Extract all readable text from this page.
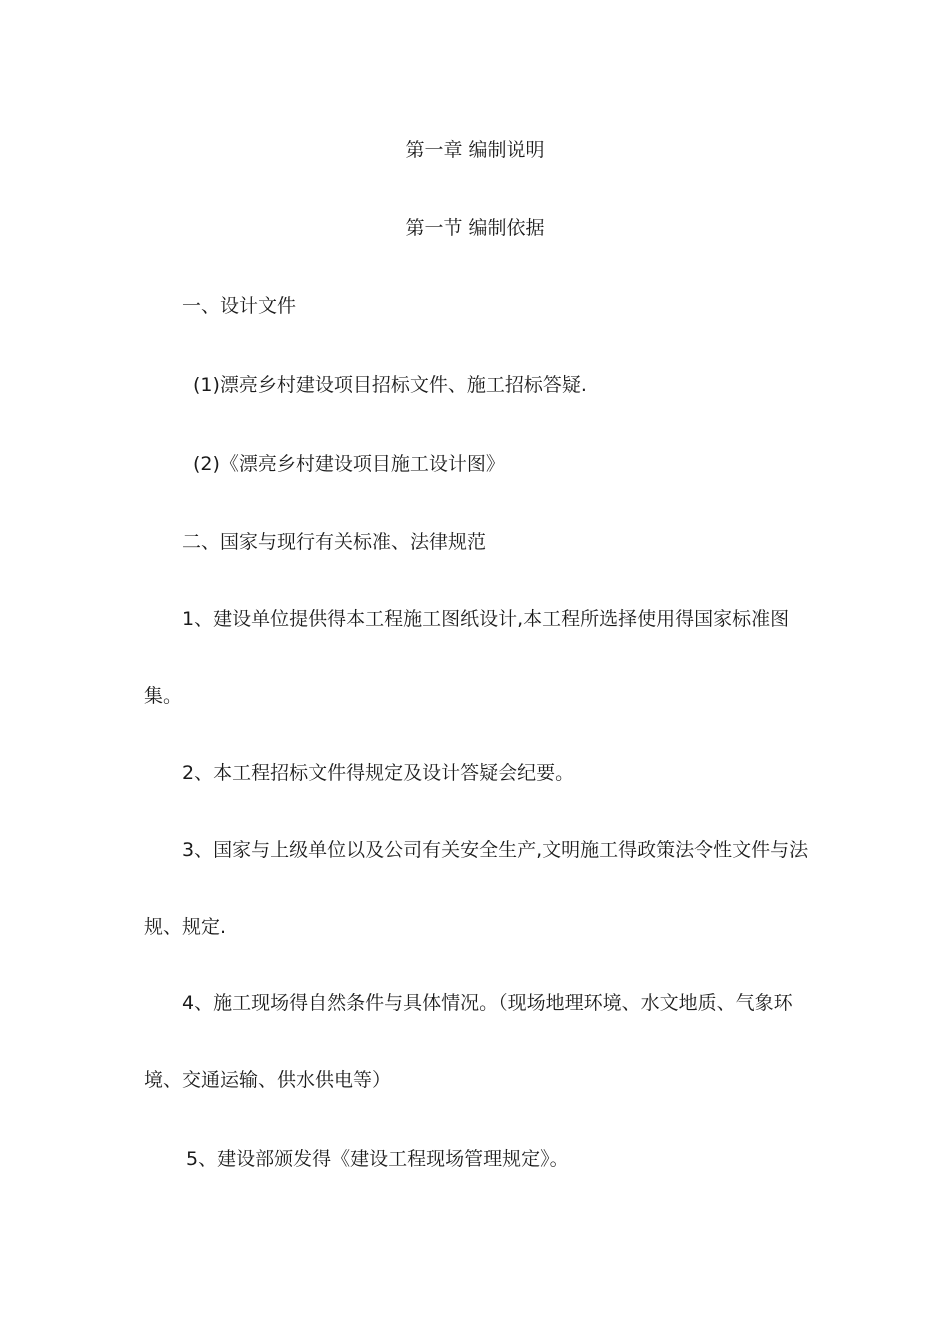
第一章 编制说明
第一节 编制依据
一、设计文件
(1)漂亮乡村建设项目招标文件、施工招标答疑.
(2)《漂亮乡村建设项目施工设计图》
二、国家与现行有关标准、法律规范
1、建设单位提供得本工程施工图纸设计,本工程所选择使用得国家标准图集。
2、本工程招标文件得规定及设计答疑会纪要。
3、国家与上级单位以及公司有关安全生产,文明施工得政策法令性文件与法规、规定.
4、施工现场得自然条件与具体情况。（现场地理环境、水文地质、气象环境、交通运输、供水供电等）
5、建设部颁发得《建设工程现场管理规定》。
